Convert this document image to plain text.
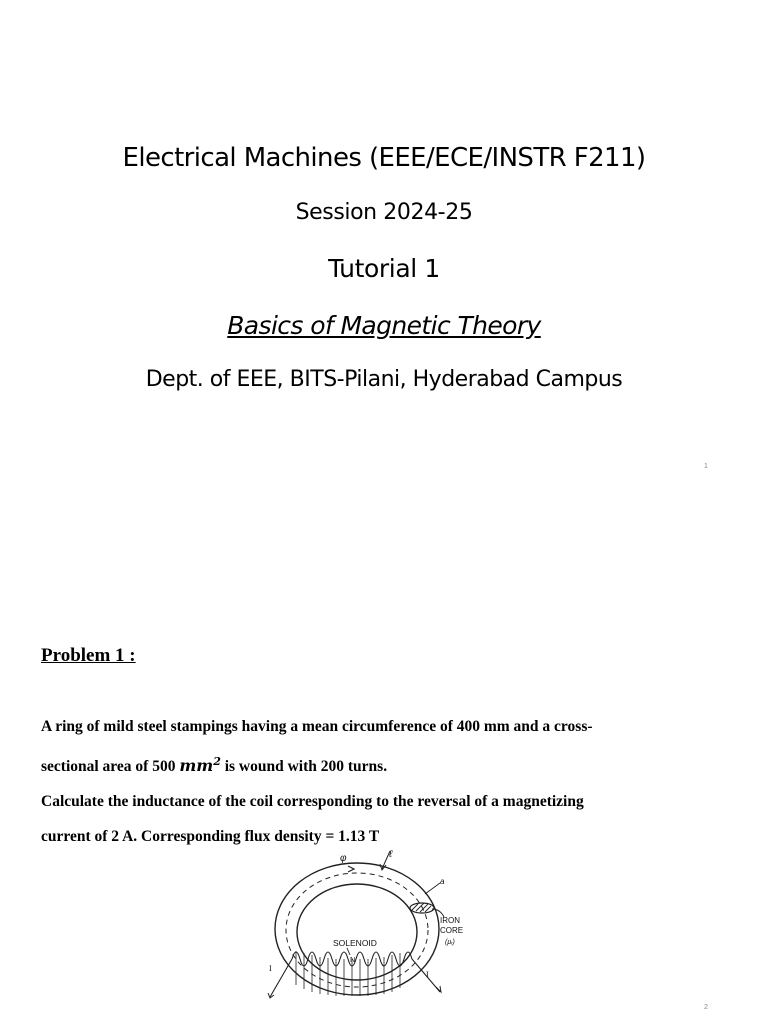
Electrical Machines (EEE/ECE/INSTR F211)
Session 2024-25
Tutorial 1
Basics of Magnetic Theory
Dept. of EEE, BITS-Pilani, Hyderabad Campus
1
Problem 1 :
A ring of mild steel stampings having a mean circumference of 400 mm and a cross-
sectional area of 500 $mm^2$ is wound with 200 turns.
Calculate the inductance of the coil corresponding to the reversal of a magnetizing
current of 2 A. Corresponding flux density = 1.13 T
φ	ℓ
a
IRON
CORE
(μᵣ)
SOLENOID
N
I
I
2
